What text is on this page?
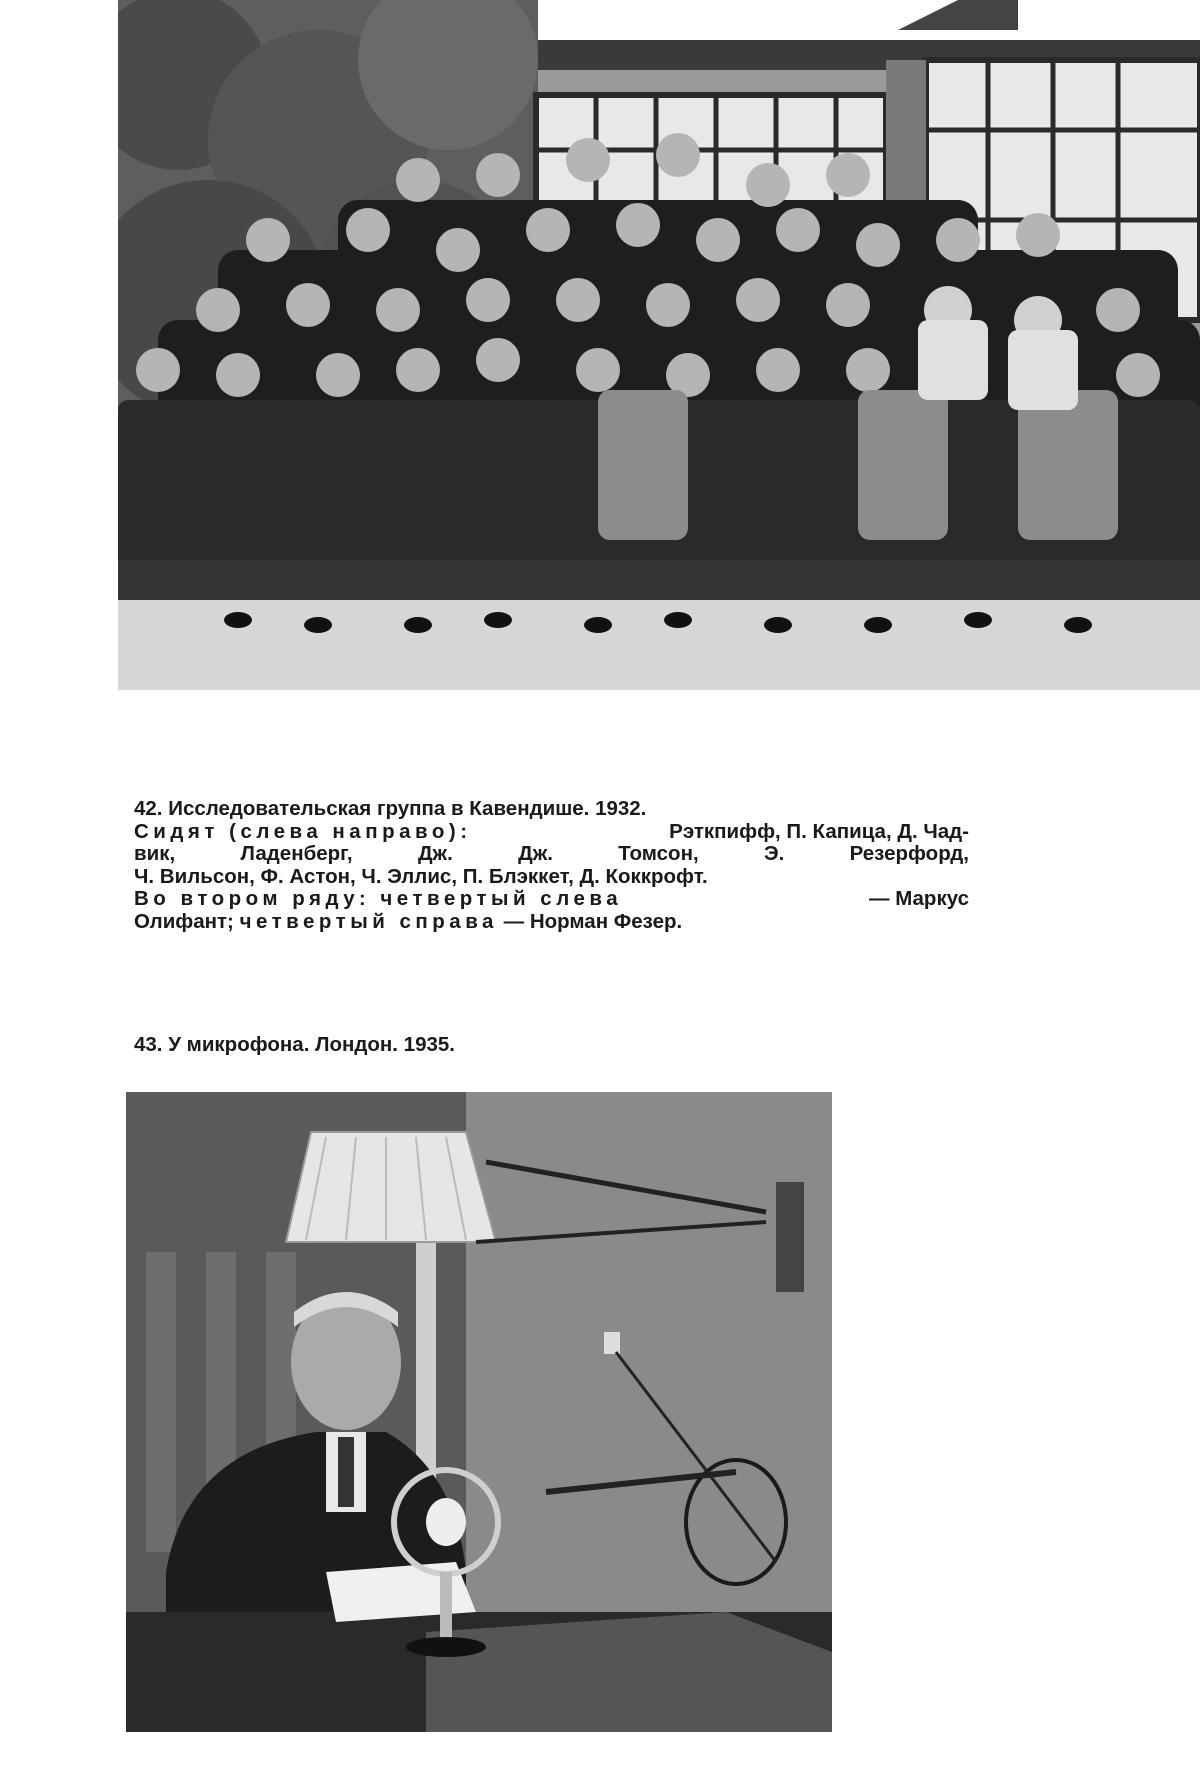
42. Исследовательская группа в Кавендише. 1932.
Сидят (слева направо):	Рэткпифф, П. Капица, Д. Чад-
вик,	Ладенберг,	Дж.	Дж.	Томсон,	Э.	Резерфорд,
Ч. Вильсон, Ф. Астон, Ч. Эллис, П. Блэккет, Д. Коккрофт.
Во втором ряду: четвертый слева	— Маркус
Олифант; четвертый справа — Норман Фезер.
43. У микрофона. Лондон. 1935.
